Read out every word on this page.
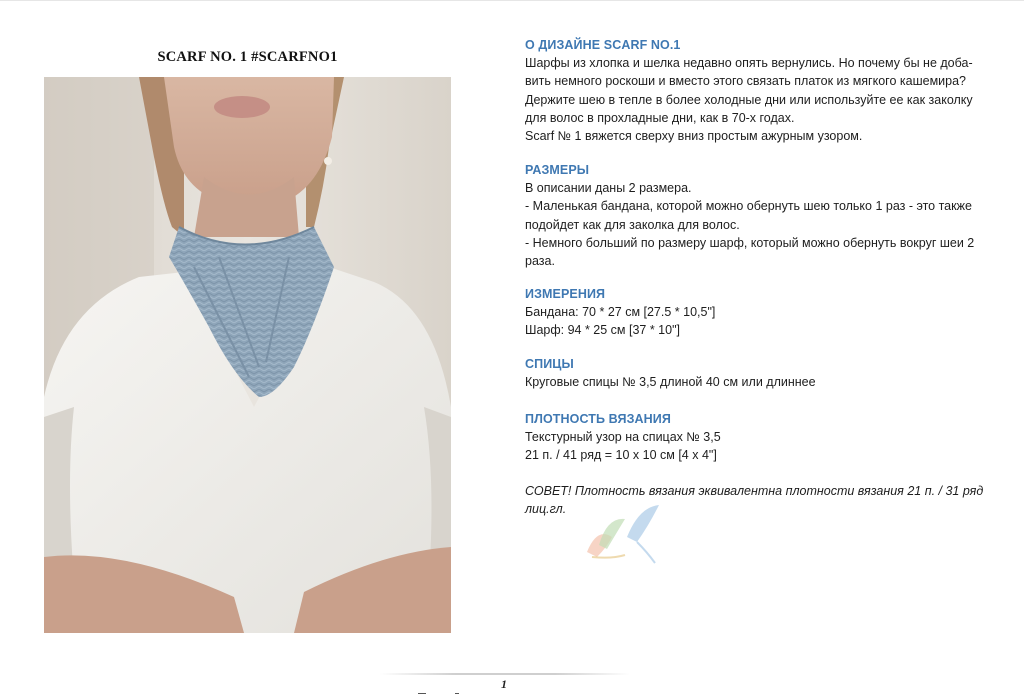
SCARF NO. 1 #SCARFNO1
О ДИЗАЙНЕ SCARF NO.1
Шарфы из хлопка и шелка недавно опять вернулись. Но почему бы не доба-
вить немного роскоши и вместо этого связать платок из мягкого кашемира?
Держите шею в тепле в более холодные дни или используйте ее как заколку
для волос в прохладные дни, как в 70-х годах.
Scarf № 1 вяжется сверху вниз простым ажурным узором.
РАЗМЕРЫ
В описании даны 2 размера.
- Маленькая бандана, которой можно обернуть шею только 1 раз - это также
подойдет как для заколка для волос.
- Немного больший по размеру шарф, который можно обернуть вокруг шеи 2
раза.
ИЗМЕРЕНИЯ
Бандана: 70 * 27 см [27.5 * 10,5"]
Шарф: 94 * 25 см [37 * 10"]
СПИЦЫ
Круговые спицы № 3,5 длиной 40 см или длиннее
ПЛОТНОСТЬ ВЯЗАНИЯ
Текстурный узор на спицах № 3,5
21 п. / 41 ряд = 10 x 10 см [4 x 4"]
СОВЕТ! Плотность вязания эквивалентна плотности вязания 21 п. / 31 ряд
лиц.гл.
1
